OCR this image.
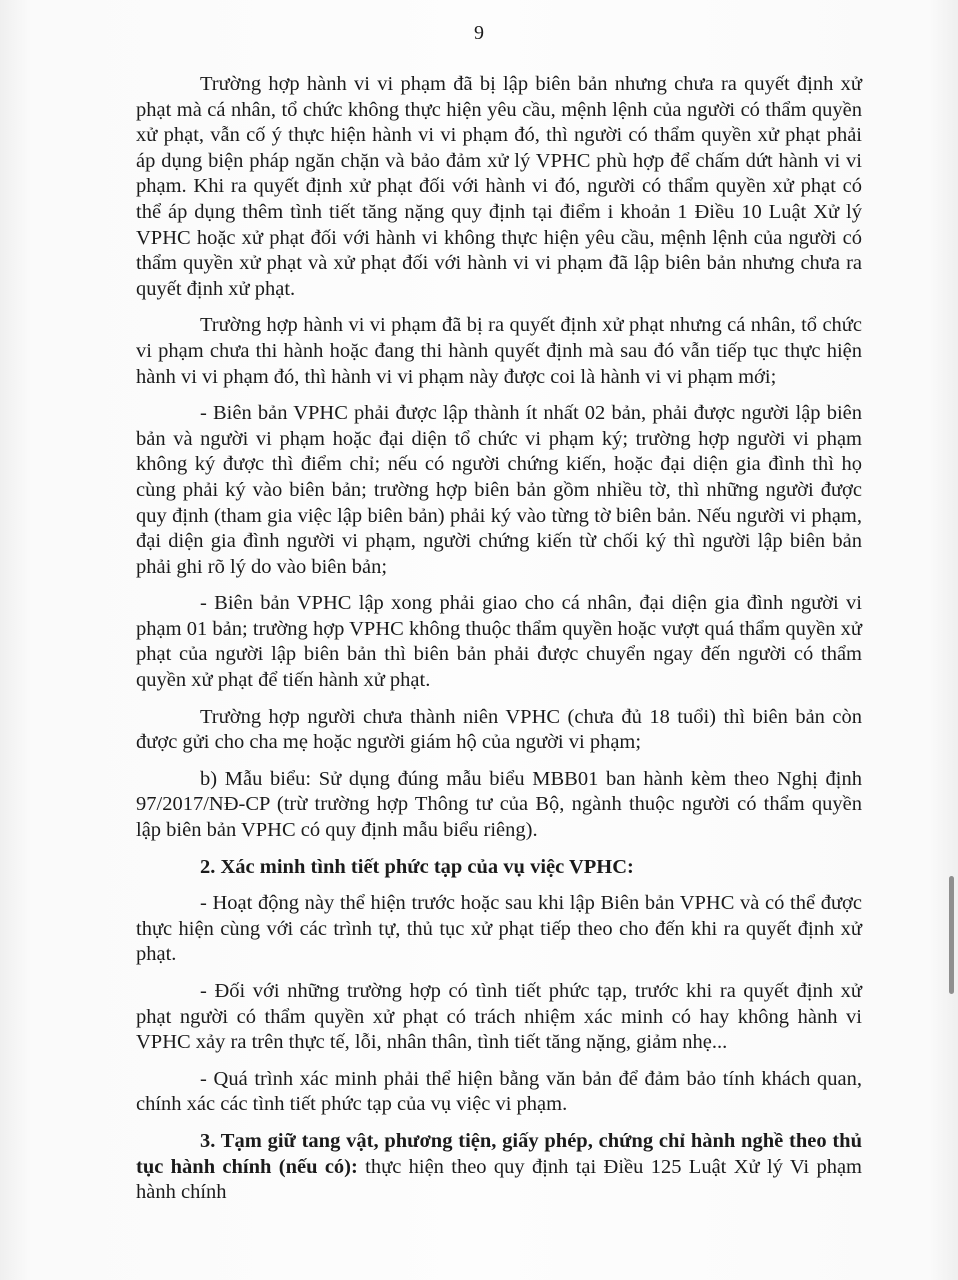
9

Trường hợp hành vi vi phạm đã bị lập biên bản nhưng chưa ra quyết định xử phạt mà cá nhân, tổ chức không thực hiện yêu cầu, mệnh lệnh của người có thẩm quyền xử phạt, vẫn cố ý thực hiện hành vi vi phạm đó, thì người có thẩm quyền xử phạt phải áp dụng biện pháp ngăn chặn và bảo đảm xử lý VPHC phù hợp để chấm dứt hành vi vi phạm. Khi ra quyết định xử phạt đối với hành vi đó, người có thẩm quyền xử phạt có thể áp dụng thêm tình tiết tăng nặng quy định tại điểm i khoản 1 Điều 10 Luật Xử lý VPHC hoặc xử phạt đối với hành vi không thực hiện yêu cầu, mệnh lệnh của người có thẩm quyền xử phạt và xử phạt đối với hành vi vi phạm đã lập biên bản nhưng chưa ra quyết định xử phạt.

Trường hợp hành vi vi phạm đã bị ra quyết định xử phạt nhưng cá nhân, tổ chức vi phạm chưa thi hành hoặc đang thi hành quyết định mà sau đó vẫn tiếp tục thực hiện hành vi vi phạm đó, thì hành vi vi phạm này được coi là hành vi vi phạm mới;

- Biên bản VPHC phải được lập thành ít nhất 02 bản, phải được người lập biên bản và người vi phạm hoặc đại diện tổ chức vi phạm ký; trường hợp người vi phạm không ký được thì điểm chỉ; nếu có người chứng kiến, hoặc đại diện gia đình thì họ cùng phải ký vào biên bản; trường hợp biên bản gồm nhiều tờ, thì những người được quy định (tham gia việc lập biên bản) phải ký vào từng tờ biên bản. Nếu người vi phạm, đại diện gia đình người vi phạm, người chứng kiến từ chối ký thì người lập biên bản phải ghi rõ lý do vào biên bản;

- Biên bản VPHC lập xong phải giao cho cá nhân, đại diện gia đình người vi phạm 01 bản; trường hợp VPHC không thuộc thẩm quyền hoặc vượt quá thẩm quyền xử phạt của người lập biên bản thì biên bản phải được chuyển ngay đến người có thẩm quyền xử phạt để tiến hành xử phạt.

Trường hợp người chưa thành niên VPHC (chưa đủ 18 tuổi) thì biên bản còn được gửi cho cha mẹ hoặc người giám hộ của người vi phạm;

b) Mẫu biểu: Sử dụng đúng mẫu biểu MBB01 ban hành kèm theo Nghị định 97/2017/NĐ-CP (trừ trường hợp Thông tư của Bộ, ngành thuộc người có thẩm quyền lập biên bản VPHC có quy định mẫu biểu riêng).

2. Xác minh tình tiết phức tạp của vụ việc VPHC:

- Hoạt động này thể hiện trước hoặc sau khi lập Biên bản VPHC và có thể được thực hiện cùng với các trình tự, thủ tục xử phạt tiếp theo cho đến khi ra quyết định xử phạt.

- Đối với những trường hợp có tình tiết phức tạp, trước khi ra quyết định xử phạt người có thẩm quyền xử phạt có trách nhiệm xác minh có hay không hành vi VPHC xảy ra trên thực tế, lỗi, nhân thân, tình tiết tăng nặng, giảm nhẹ...

- Quá trình xác minh phải thể hiện bằng văn bản để đảm bảo tính khách quan, chính xác các tình tiết phức tạp của vụ việc vi phạm.

3. Tạm giữ tang vật, phương tiện, giấy phép, chứng chỉ hành nghề theo thủ tục hành chính (nếu có): thực hiện theo quy định tại Điều 125 Luật Xử lý Vi phạm hành chính
